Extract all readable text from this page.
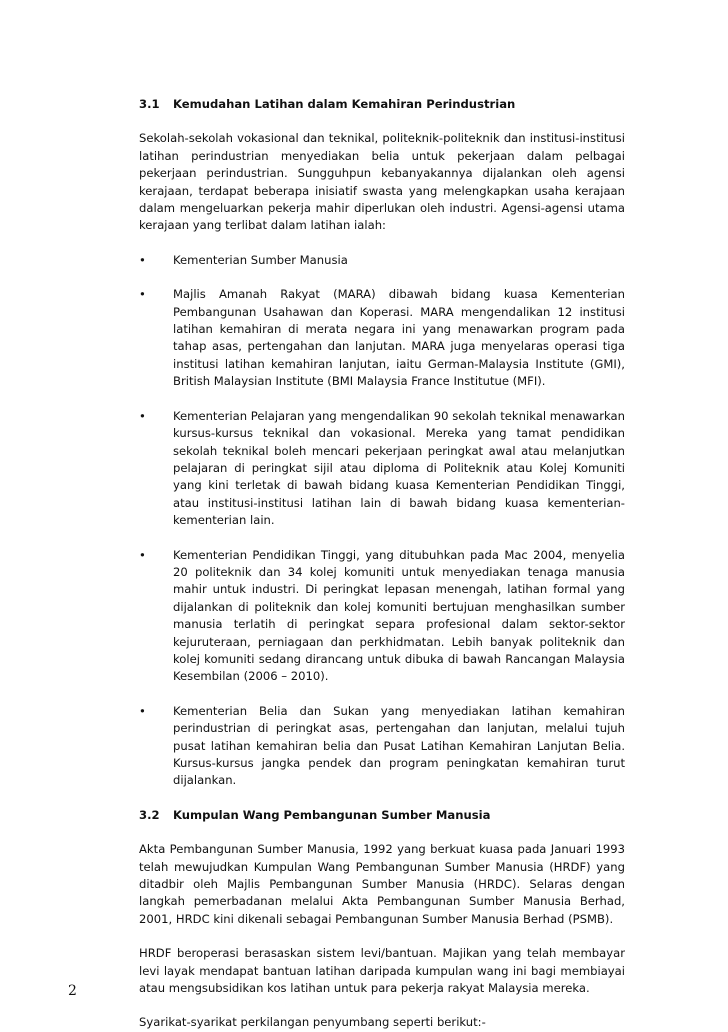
3.1	Kemudahan Latihan dalam Kemahiran Perindustrian

Sekolah-sekolah vokasional dan teknikal, politeknik-politeknik dan institusi-institusi latihan perindustrian menyediakan belia untuk pekerjaan dalam pelbagai pekerjaan perindustrian. Sungguhpun kebanyakannya dijalankan oleh agensi kerajaan, terdapat beberapa inisiatif swasta yang melengkapkan usaha kerajaan dalam mengeluarkan pekerja mahir diperlukan oleh industri. Agensi-agensi utama kerajaan yang terlibat dalam latihan ialah:

•	Kementerian Sumber Manusia
•	Majlis Amanah Rakyat (MARA) dibawah bidang kuasa Kementerian Pembangunan Usahawan dan Koperasi. MARA mengendalikan 12 institusi latihan kemahiran di merata negara ini yang menawarkan program pada tahap asas, pertengahan dan lanjutan. MARA juga menyelaras operasi tiga institusi latihan kemahiran lanjutan, iaitu German-Malaysia Institute (GMI), British Malaysian Institute (BMI Malaysia France Institutue (MFI).
•	Kementerian Pelajaran yang mengendalikan 90 sekolah teknikal menawarkan kursus-kursus teknikal dan vokasional. Mereka yang tamat pendidikan sekolah teknikal boleh mencari pekerjaan peringkat awal atau melanjutkan pelajaran di peringkat sijil atau diploma di Politeknik atau Kolej Komuniti yang kini terletak di bawah bidang kuasa Kementerian Pendidikan Tinggi, atau institusi-institusi latihan lain di bawah bidang kuasa kementerian-kementerian lain.
•	Kementerian Pendidikan Tinggi, yang ditubuhkan pada Mac 2004, menyelia 20 politeknik dan 34 kolej komuniti untuk menyediakan tenaga manusia mahir untuk industri. Di peringkat lepasan menengah, latihan formal yang dijalankan di politeknik dan kolej komuniti bertujuan menghasilkan sumber manusia terlatih di peringkat separa profesional dalam sektor-sektor kejuruteraan, perniagaan dan perkhidmatan. Lebih banyak politeknik dan kolej komuniti sedang dirancang untuk dibuka di bawah Rancangan Malaysia Kesembilan (2006 – 2010).
•	Kementerian Belia dan Sukan yang menyediakan latihan kemahiran perindustrian di peringkat asas, pertengahan dan lanjutan, melalui tujuh pusat latihan kemahiran belia dan Pusat Latihan Kemahiran Lanjutan Belia. Kursus-kursus jangka pendek dan program peningkatan kemahiran turut dijalankan.
3.2	Kumpulan Wang Pembangunan Sumber Manusia

Akta Pembangunan Sumber Manusia, 1992 yang berkuat kuasa pada Januari 1993 telah mewujudkan Kumpulan Wang Pembangunan Sumber Manusia (HRDF) yang ditadbir oleh Majlis Pembangunan Sumber Manusia (HRDC). Selaras dengan langkah pemerbadanan melalui Akta Pembangunan Sumber Manusia Berhad, 2001, HRDC kini dikenali sebagai Pembangunan Sumber Manusia Berhad (PSMB).

HRDF beroperasi berasaskan sistem levi/bantuan. Majikan yang telah membayar levi layak mendapat bantuan latihan daripada kumpulan wang ini bagi membiayai atau mengsubsidikan kos latihan untuk para pekerja rakyat Malaysia mereka.

Syarikat-syarikat perkilangan penyumbang seperti berikut:-

2
